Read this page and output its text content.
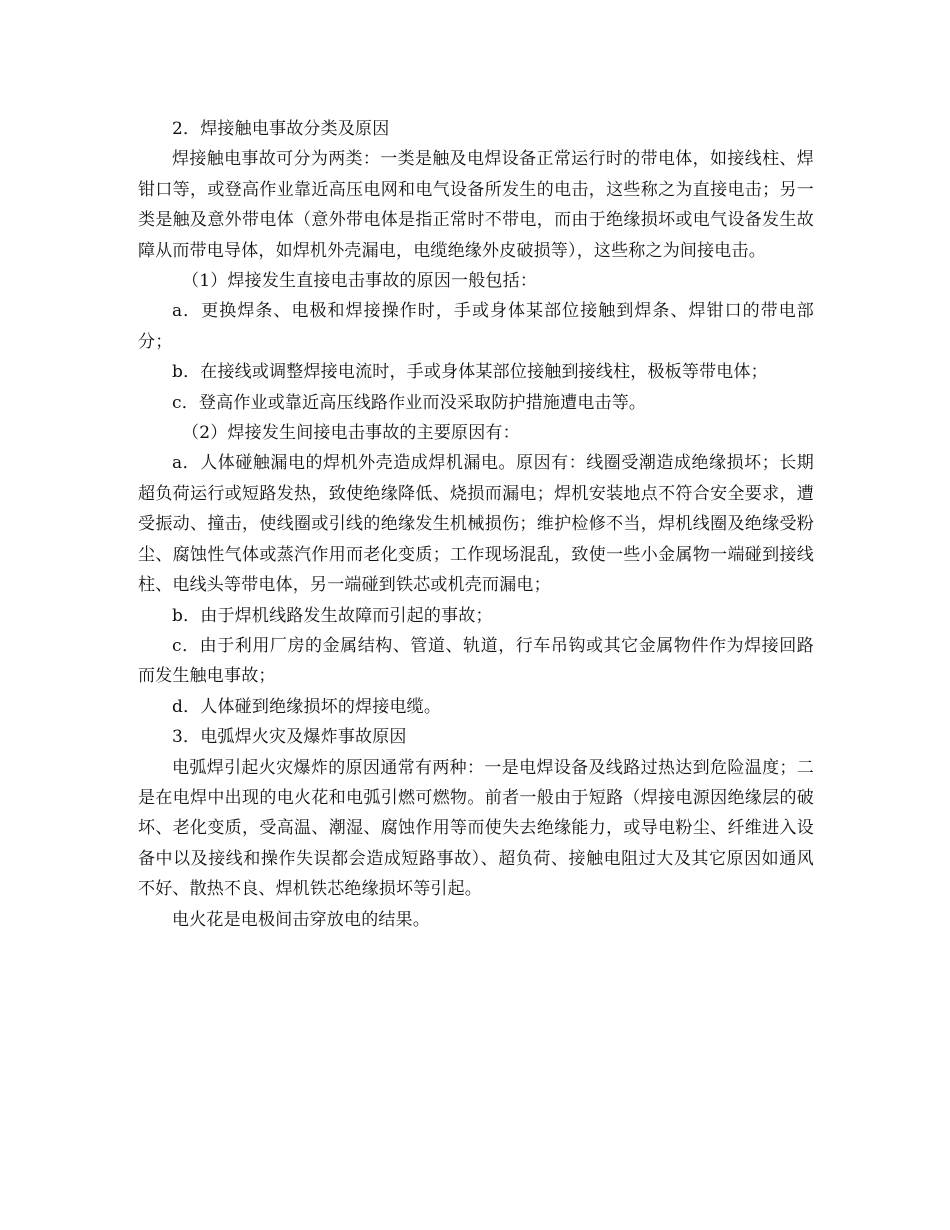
2．焊接触电事故分类及原因

焊接触电事故可分为两类：一类是触及电焊设备正常运行时的带电体，如接线柱、焊钳口等，或登高作业靠近高压电网和电气设备所发生的电击，这些称之为直接电击；另一类是触及意外带电体（意外带电体是指正常时不带电，而由于绝缘损坏或电气设备发生故障从而带电导体，如焊机外壳漏电，电缆绝缘外皮破损等），这些称之为间接电击。

（1）焊接发生直接电击事故的原因一般包括：

a．更换焊条、电极和焊接操作时，手或身体某部位接触到焊条、焊钳口的带电部分；

b．在接线或调整焊接电流时，手或身体某部位接触到接线柱，极板等带电体；

c．登高作业或靠近高压线路作业而没采取防护措施遭电击等。

（2）焊接发生间接电击事故的主要原因有：

a．人体碰触漏电的焊机外壳造成焊机漏电。原因有：线圈受潮造成绝缘损坏；长期超负荷运行或短路发热，致使绝缘降低、烧损而漏电；焊机安装地点不符合安全要求，遭受振动、撞击，使线圈或引线的绝缘发生机械损伤；维护检修不当，焊机线圈及绝缘受粉尘、腐蚀性气体或蒸汽作用而老化变质；工作现场混乱，致使一些小金属物一端碰到接线柱、电线头等带电体，另一端碰到铁芯或机壳而漏电；

b．由于焊机线路发生故障而引起的事故；

c．由于利用厂房的金属结构、管道、轨道，行车吊钩或其它金属物件作为焊接回路而发生触电事故；

d．人体碰到绝缘损坏的焊接电缆。

3．电弧焊火灾及爆炸事故原因

电弧焊引起火灾爆炸的原因通常有两种：一是电焊设备及线路过热达到危险温度；二是在电焊中出现的电火花和电弧引燃可燃物。前者一般由于短路（焊接电源因绝缘层的破坏、老化变质，受高温、潮湿、腐蚀作用等而使失去绝缘能力，或导电粉尘、纤维进入设备中以及接线和操作失误都会造成短路事故）、超负荷、接触电阻过大及其它原因如通风不好、散热不良、焊机铁芯绝缘损坏等引起。

电火花是电极间击穿放电的结果。
